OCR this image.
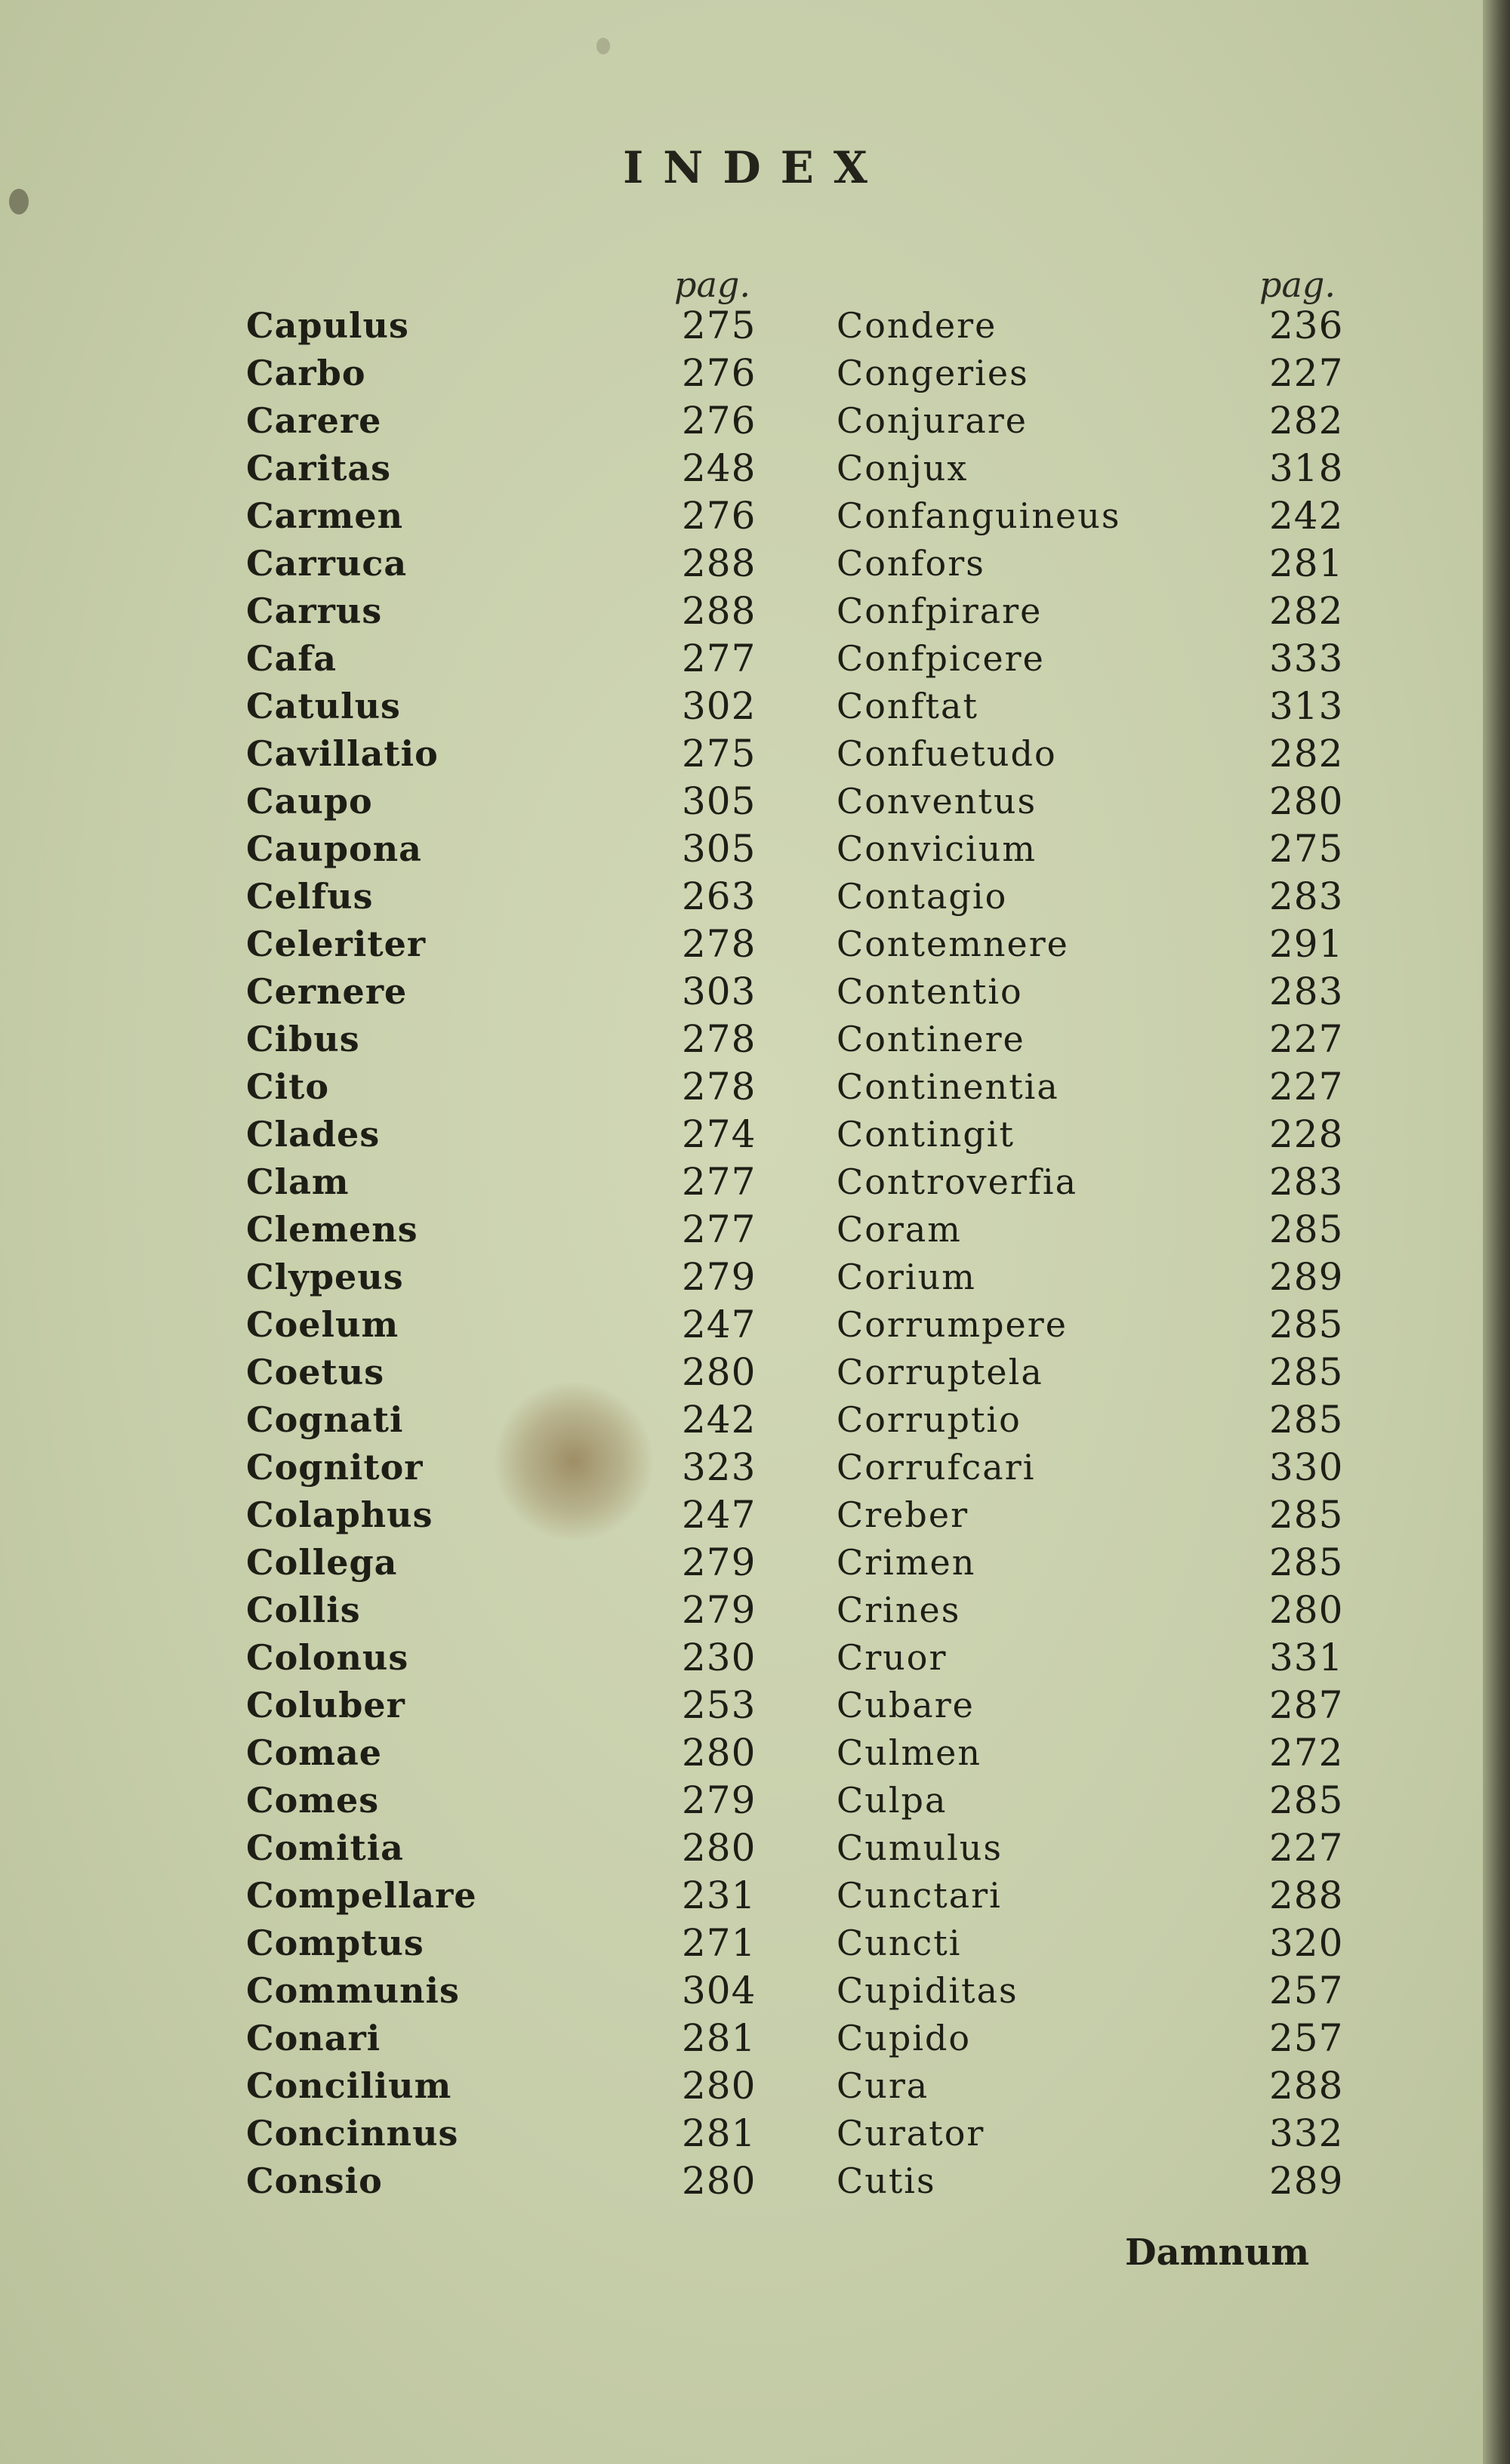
INDEX
pag.	pag.
Capulus	275
Carbo	276
Carere	276
Caritas	248
Carmen	276
Carruca	288
Carrus	288
Cafa	277
Catulus	302
Cavillatio	275
Caupo	305
Caupona	305
Celfus	263
Celeriter	278
Cernere	303
Cibus	278
Cito	278
Clades	274
Clam	277
Clemens	277
Clypeus	279
Coelum	247
Coetus	280
Cognati	242
Cognitor	323
Colaphus	247
Collega	279
Collis	279
Colonus	230
Coluber	253
Comae	280
Comes	279
Comitia	280
Compellare	231
Comptus	271
Communis	304
Conari	281
Concilium	280
Concinnus	281
Consio	280
Condere	236
Congeries	227
Conjurare	282
Conjux	318
Confanguineus	242
Confors	281
Confpirare	282
Confpicere	333
Conftat	313
Confuetudo	282
Conventus	280
Convicium	275
Contagio	283
Contemnere	291
Contentio	283
Continere	227
Continentia	227
Contingit	228
Controverfia	283
Coram	285
Corium	289
Corrumpere	285
Corruptela	285
Corruptio	285
Corrufcari	330
Creber	285
Crimen	285
Crines	280
Cruor	331
Cubare	287
Culmen	272
Culpa	285
Cumulus	227
Cunctari	288
Cuncti	320
Cupiditas	257
Cupido	257
Cura	288
Curator	332
Cutis	289
Damnum
